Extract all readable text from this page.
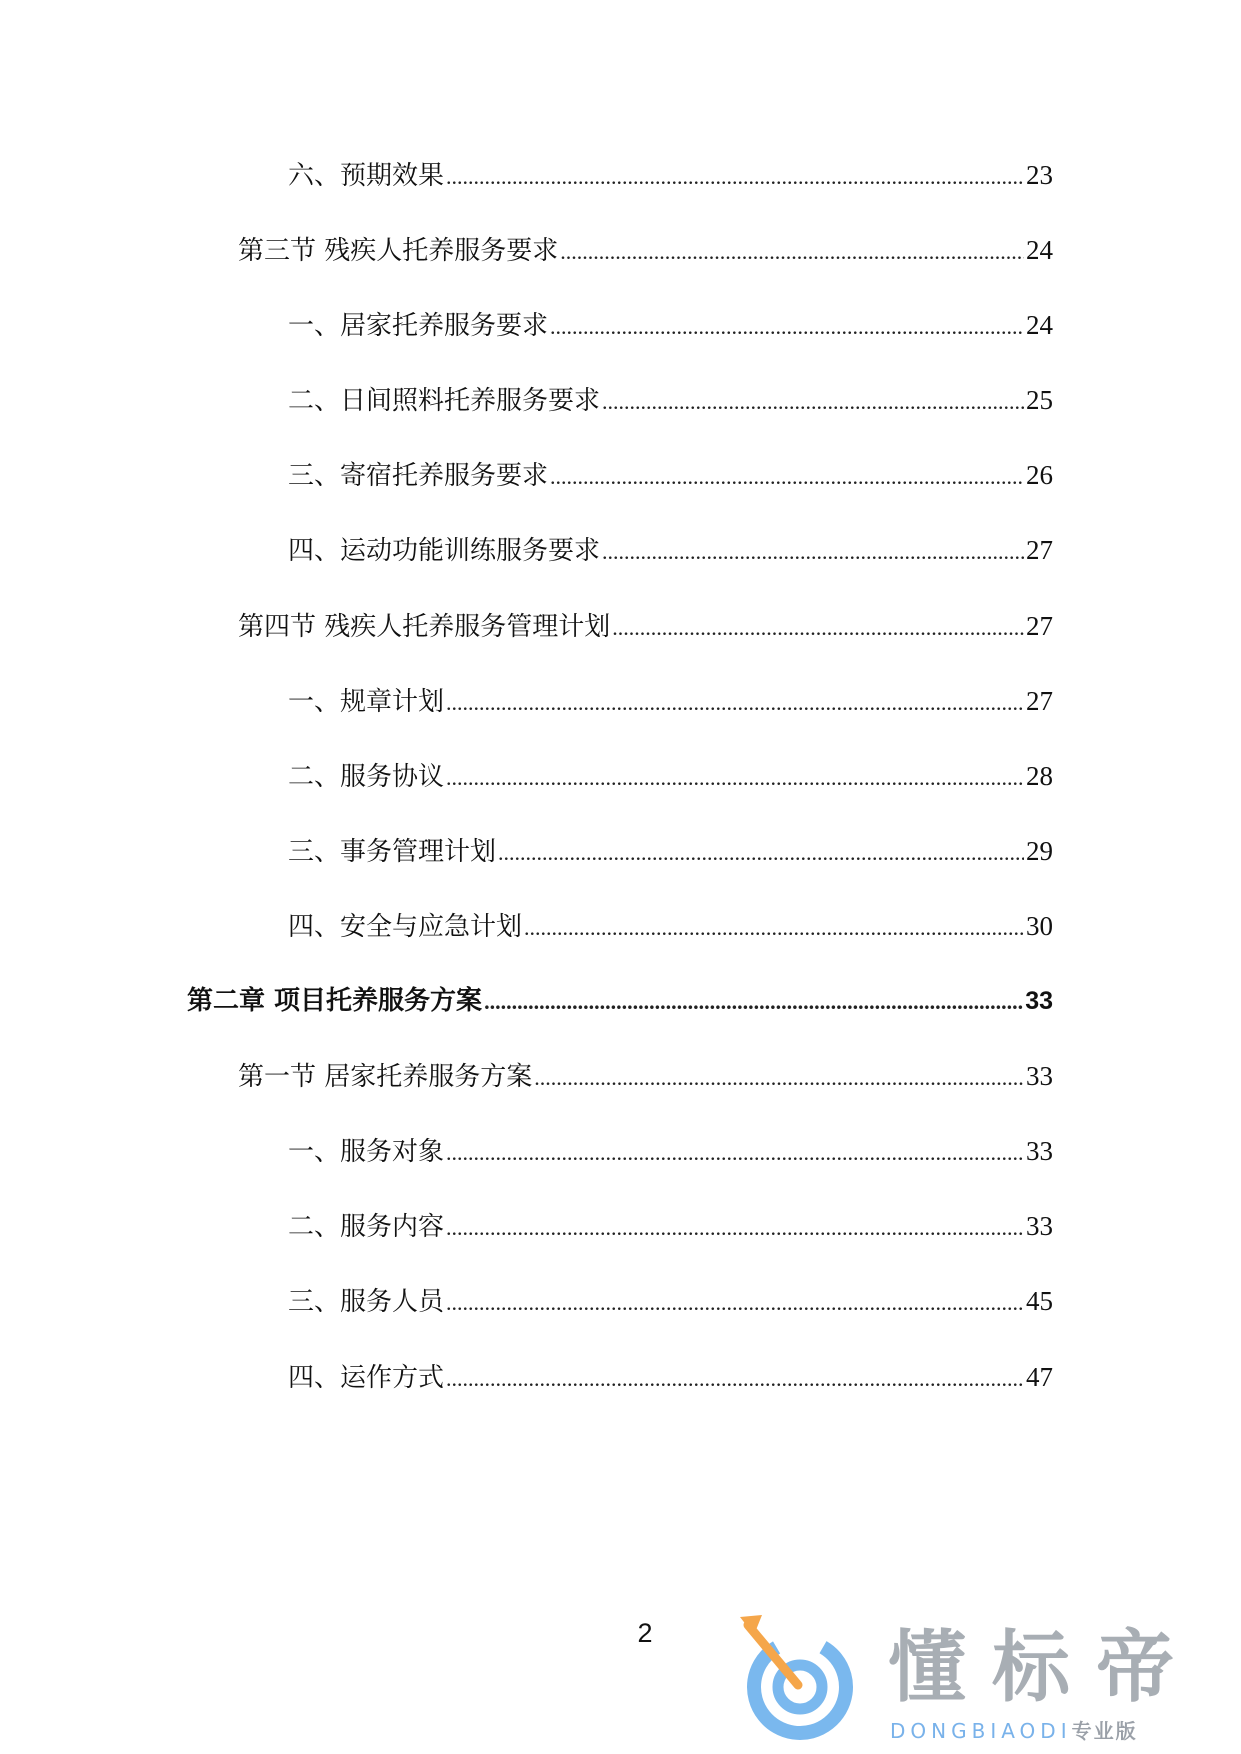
六、预期效果 .....	23
第三节 残疾人托养服务要求 .....	24
一、居家托养服务要求 .....	24
二、日间照料托养服务要求 .....	25
三、寄宿托养服务要求 .....	26
四、运动功能训练服务要求 .....	27
第四节 残疾人托养服务管理计划 .....	27
一、规章计划 .....	27
二、服务协议 .....	28
三、事务管理计划 .....	29
四、安全与应急计划 .....	30
第二章 项目托养服务方案 .....	33
第一节 居家托养服务方案 .....	33
一、服务对象 .....	33
二、服务内容 .....	33
三、服务人员 .....	45
四、运作方式 .....	47
2	懂标帝
DONGBIAODI专业版
